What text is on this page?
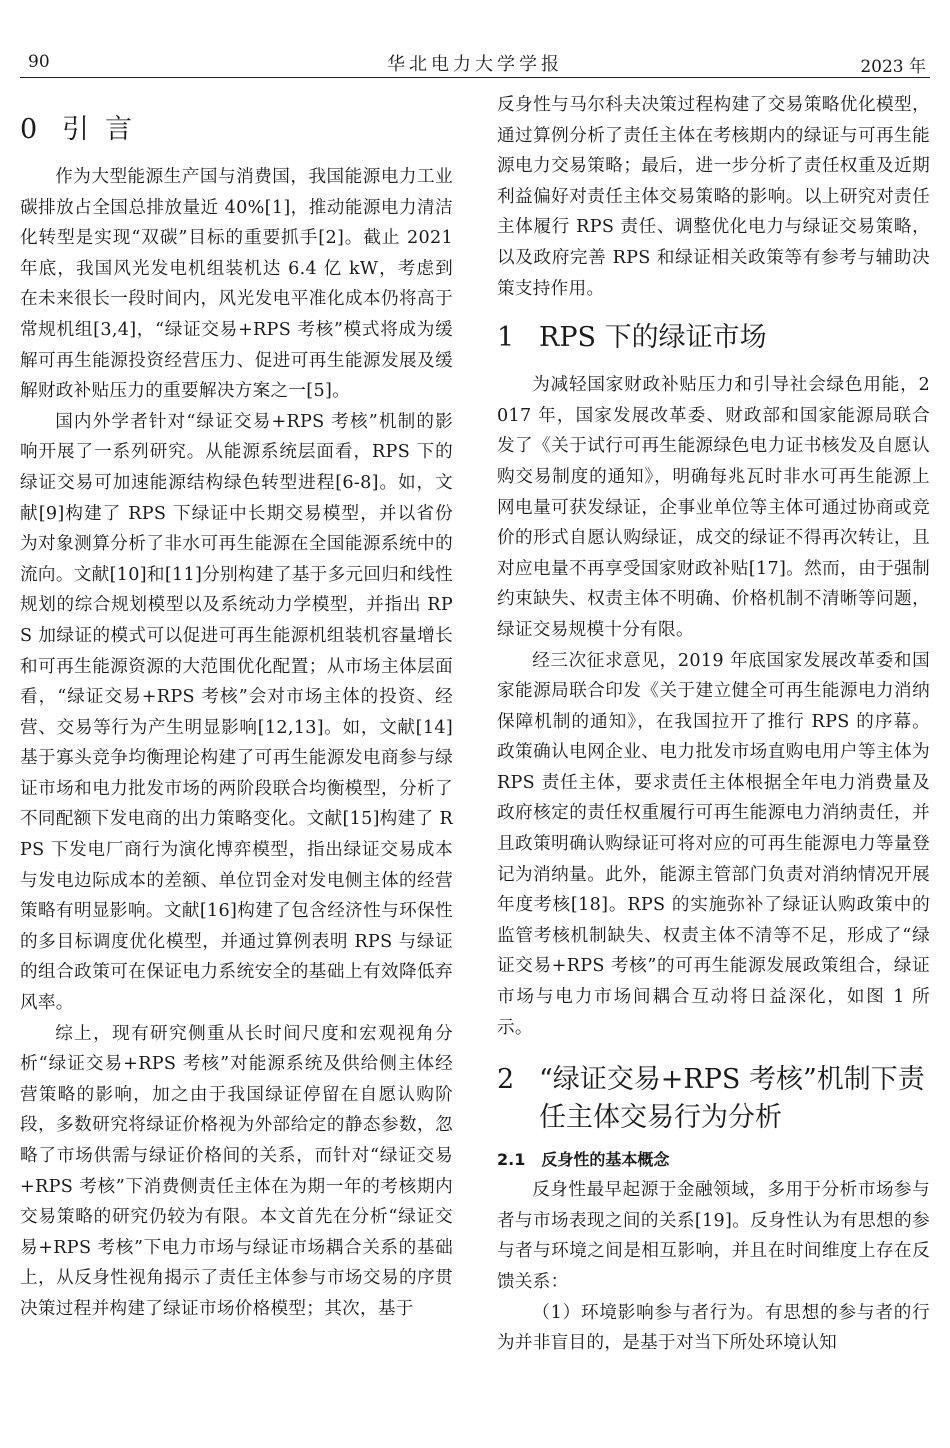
90	华北电力大学学报	2023 年
0 引言

作为大型能源生产国与消费国，我国能源电力工业碳排放占全国总排放量近 40%[1]，推动能源电力清洁化转型是实现“双碳”目标的重要抓手[2]。截止 2021 年底，我国风光发电机组装机达 6.4 亿 kW，考虑到在未来很长一段时间内，风光发电平准化成本仍将高于常规机组[3,4]，“绿证交易+RPS 考核”模式将成为缓解可再生能源投资经营压力、促进可再生能源发展及缓解财政补贴压力的重要解决方案之一[5]。

国内外学者针对“绿证交易+RPS 考核”机制的影响开展了一系列研究。从能源系统层面看，RPS 下的绿证交易可加速能源结构绿色转型进程[6-8]。如，文献[9]构建了 RPS 下绿证中长期交易模型，并以省份为对象测算分析了非水可再生能源在全国能源系统中的流向。文献[10]和[11]分别构建了基于多元回归和线性规划的综合规划模型以及系统动力学模型，并指出 RPS 加绿证的模式可以促进可再生能源机组装机容量增长和可再生能源资源的大范围优化配置；从市场主体层面看，“绿证交易+RPS 考核”会对市场主体的投资、经营、交易等行为产生明显影响[12,13]。如，文献[14]基于寡头竞争均衡理论构建了可再生能源发电商参与绿证市场和电力批发市场的两阶段联合均衡模型，分析了不同配额下发电商的出力策略变化。文献[15]构建了 RPS 下发电厂商行为演化博弈模型，指出绿证交易成本与发电边际成本的差额、单位罚金对发电侧主体的经营策略有明显影响。文献[16]构建了包含经济性与环保性的多目标调度优化模型，并通过算例表明 RPS 与绿证的组合政策可在保证电力系统安全的基础上有效降低弃风率。

综上，现有研究侧重从长时间尺度和宏观视角分析“绿证交易+RPS 考核”对能源系统及供给侧主体经营策略的影响，加之由于我国绿证停留在自愿认购阶段，多数研究将绿证价格视为外部给定的静态参数，忽略了市场供需与绿证价格间的关系，而针对“绿证交易+RPS 考核”下消费侧责任主体在为期一年的考核期内交易策略的研究仍较为有限。本文首先在分析“绿证交易+RPS 考核”下电力市场与绿证市场耦合关系的基础上，从反身性视角揭示了责任主体参与市场交易的序贯决策过程并构建了绿证市场价格模型；其次，基于

反身性与马尔科夫决策过程构建了交易策略优化模型，通过算例分析了责任主体在考核期内的绿证与可再生能源电力交易策略；最后，进一步分析了责任权重及近期利益偏好对责任主体交易策略的影响。以上研究对责任主体履行 RPS 责任、调整优化电力与绿证交易策略，以及政府完善 RPS 和绿证相关政策等有参考与辅助决策支持作用。

1 RPS 下的绿证市场

为减轻国家财政补贴压力和引导社会绿色用能，2017 年，国家发展改革委、财政部和国家能源局联合发了《关于试行可再生能源绿色电力证书核发及自愿认购交易制度的通知》，明确每兆瓦时非水可再生能源上网电量可获发绿证，企事业单位等主体可通过协商或竞价的形式自愿认购绿证，成交的绿证不得再次转让，且对应电量不再享受国家财政补贴[17]。然而，由于强制约束缺失、权责主体不明确、价格机制不清晰等问题，绿证交易规模十分有限。

经三次征求意见，2019 年底国家发展改革委和国家能源局联合印发《关于建立健全可再生能源电力消纳保障机制的通知》，在我国拉开了推行 RPS 的序幕。政策确认电网企业、电力批发市场直购电用户等主体为 RPS 责任主体，要求责任主体根据全年电力消费量及政府核定的责任权重履行可再生能源电力消纳责任，并且政策明确认购绿证可将对应的可再生能源电力等量登记为消纳量。此外，能源主管部门负责对消纳情况开展年度考核[18]。RPS 的实施弥补了绿证认购政策中的监管考核机制缺失、权责主体不清等不足，形成了“绿证交易+RPS 考核”的可再生能源发展政策组合，绿证市场与电力市场间耦合互动将日益深化，如图 1 所示。

2 “绿证交易+RPS 考核”机制下责任主体交易行为分析
2.1 反身性的基本概念

反身性最早起源于金融领域，多用于分析市场参与者与市场表现之间的关系[19]。反身性认为有思想的参与者与环境之间是相互影响，并且在时间维度上存在反馈关系：

（1）环境影响参与者行为。有思想的参与者的行为并非盲目的，是基于对当下所处环境认知
